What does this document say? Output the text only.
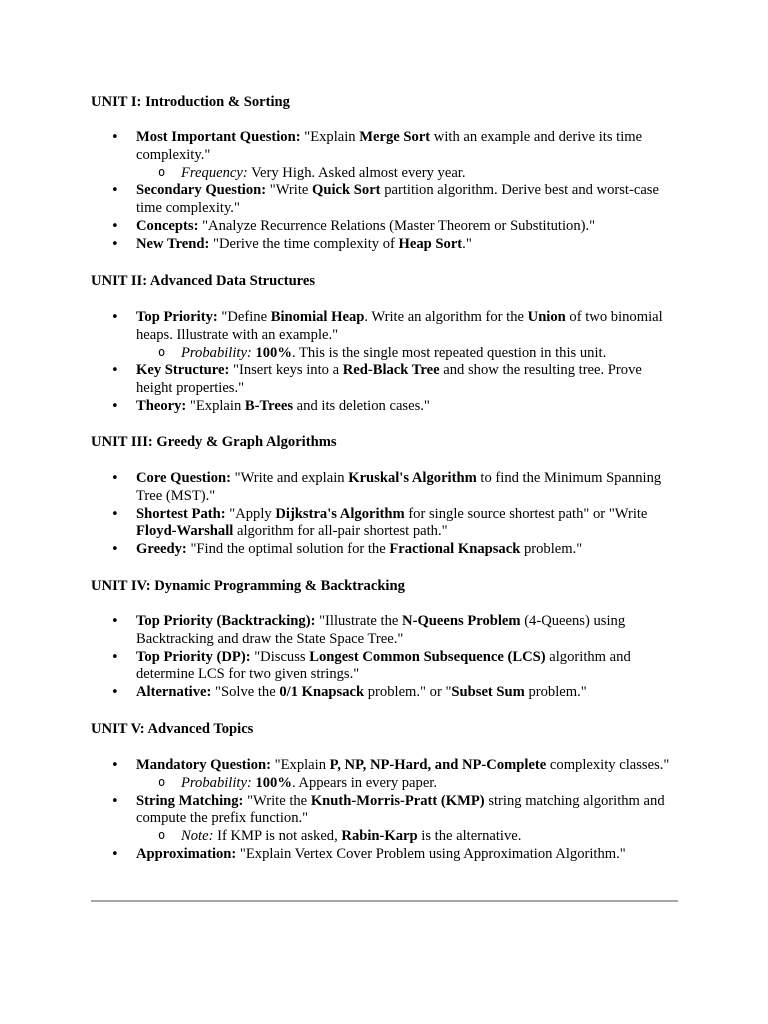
UNIT I: Introduction & Sorting
• Most Important Question: "Explain Merge Sort with an example and derive its time complexity."
o Frequency: Very High. Asked almost every year.
• Secondary Question: "Write Quick Sort partition algorithm. Derive best and worst-case time complexity."
• Concepts: "Analyze Recurrence Relations (Master Theorem or Substitution)."
• New Trend: "Derive the time complexity of Heap Sort."
UNIT II: Advanced Data Structures
• Top Priority: "Define Binomial Heap. Write an algorithm for the Union of two binomial heaps. Illustrate with an example."
o Probability: 100%. This is the single most repeated question in this unit.
• Key Structure: "Insert keys into a Red-Black Tree and show the resulting tree. Prove height properties."
• Theory: "Explain B-Trees and its deletion cases."
UNIT III: Greedy & Graph Algorithms
• Core Question: "Write and explain Kruskal's Algorithm to find the Minimum Spanning Tree (MST)."
• Shortest Path: "Apply Dijkstra's Algorithm for single source shortest path" or "Write Floyd-Warshall algorithm for all-pair shortest path."
• Greedy: "Find the optimal solution for the Fractional Knapsack problem."
UNIT IV: Dynamic Programming & Backtracking
• Top Priority (Backtracking): "Illustrate the N-Queens Problem (4-Queens) using Backtracking and draw the State Space Tree."
• Top Priority (DP): "Discuss Longest Common Subsequence (LCS) algorithm and determine LCS for two given strings."
• Alternative: "Solve the 0/1 Knapsack problem." or "Subset Sum problem."
UNIT V: Advanced Topics
• Mandatory Question: "Explain P, NP, NP-Hard, and NP-Complete complexity classes."
o Probability: 100%. Appears in every paper.
• String Matching: "Write the Knuth-Morris-Pratt (KMP) string matching algorithm and compute the prefix function."
o Note: If KMP is not asked, Rabin-Karp is the alternative.
• Approximation: "Explain Vertex Cover Problem using Approximation Algorithm."
